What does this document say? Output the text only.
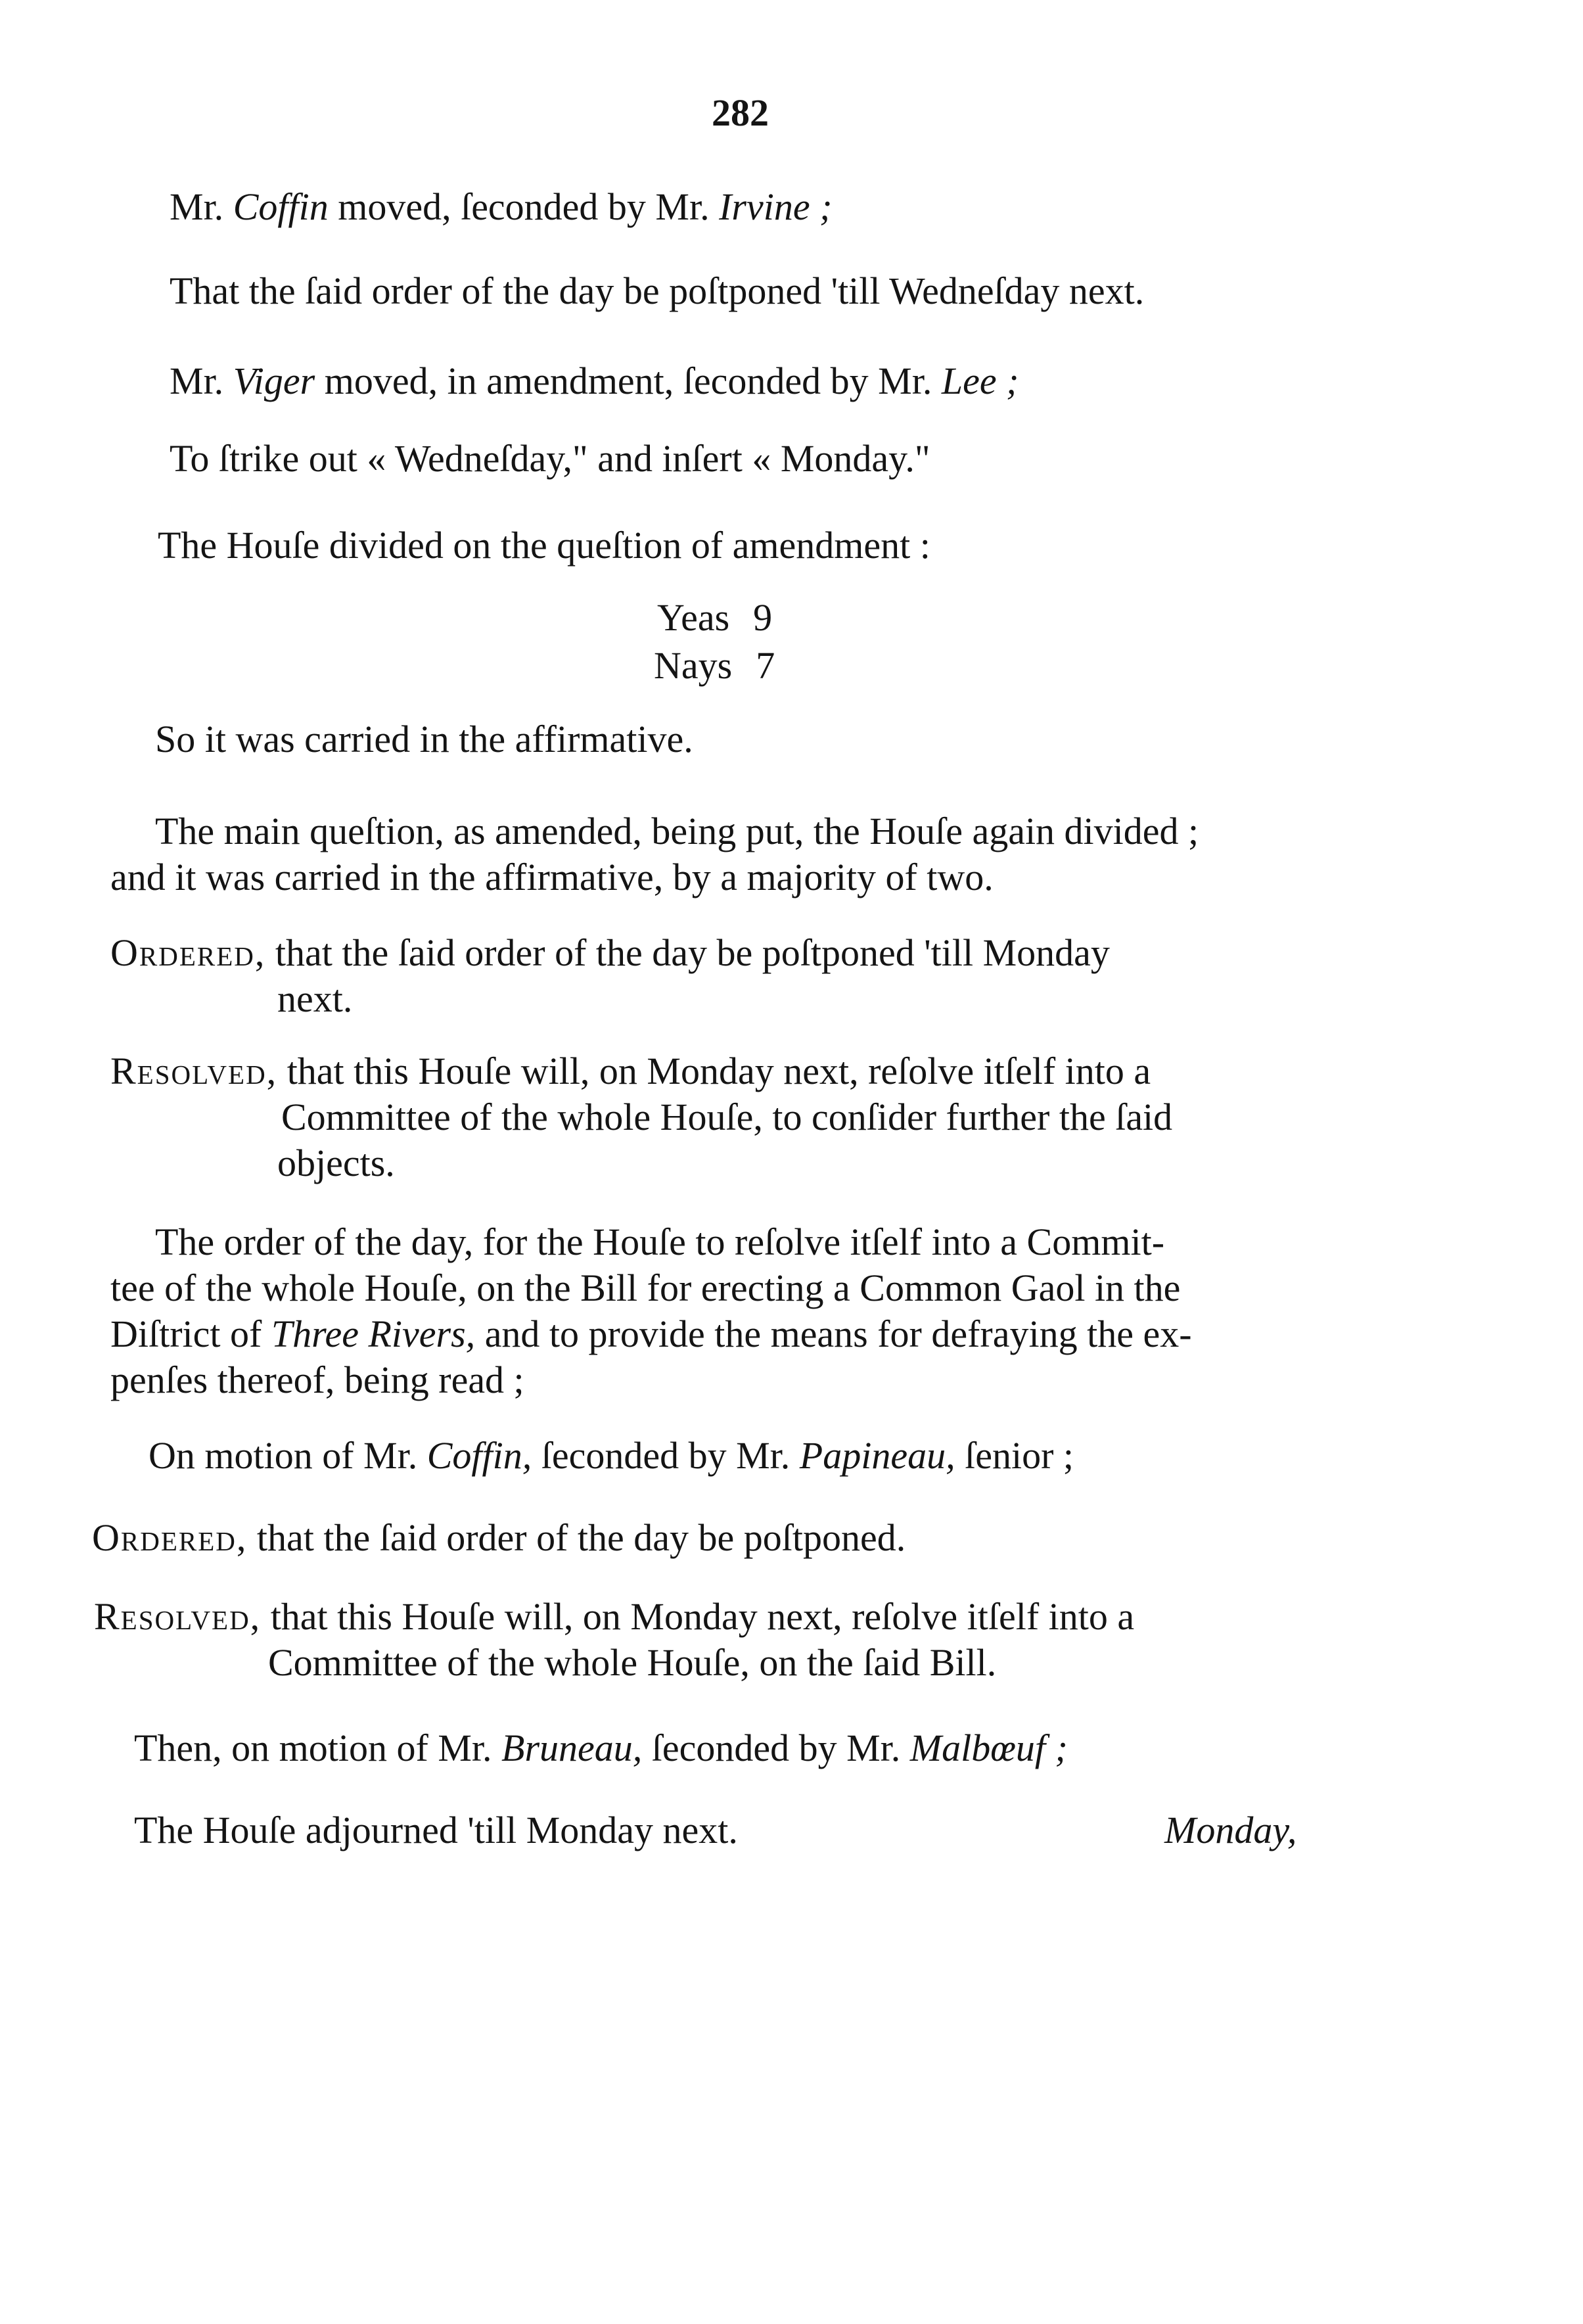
282
Mr. Coffin moved, ſeconded by Mr. Irvine ;
That the ſaid order of the day be poſtponed 'till Wedneſday next.
Mr. Viger moved, in amendment, ſeconded by Mr. Lee ;
To ſtrike out « Wedneſday," and inſert « Monday."
The Houſe divided on the queſtion of amendment :
Yeas 9
Nays 7
So it was carried in the affirmative.
The main queſtion, as amended, being put, the Houſe again divided ;
and it was carried in the affirmative, by a majority of two.
Ordered, that the ſaid order of the day be poſtponed 'till Monday
next.
Resolved, that this Houſe will, on Monday next, reſolve itſelf into a
Committee of the whole Houſe, to conſider further the ſaid
objects.
The order of the day, for the Houſe to reſolve itſelf into a Commit-
tee of the whole Houſe, on the Bill for erecting a Common Gaol in the
Diſtrict of Three Rivers, and to provide the means for defraying the ex-
penſes thereof, being read ;
On motion of Mr. Coffin, ſeconded by Mr. Papineau, ſenior ;
Ordered, that the ſaid order of the day be poſtponed.
Resolved, that this Houſe will, on Monday next, reſolve itſelf into a
Committee of the whole Houſe, on the ſaid Bill.
Then, on motion of Mr. Bruneau, ſeconded by Mr. Malbœuf ;
The Houſe adjourned 'till Monday next.	Monday,
